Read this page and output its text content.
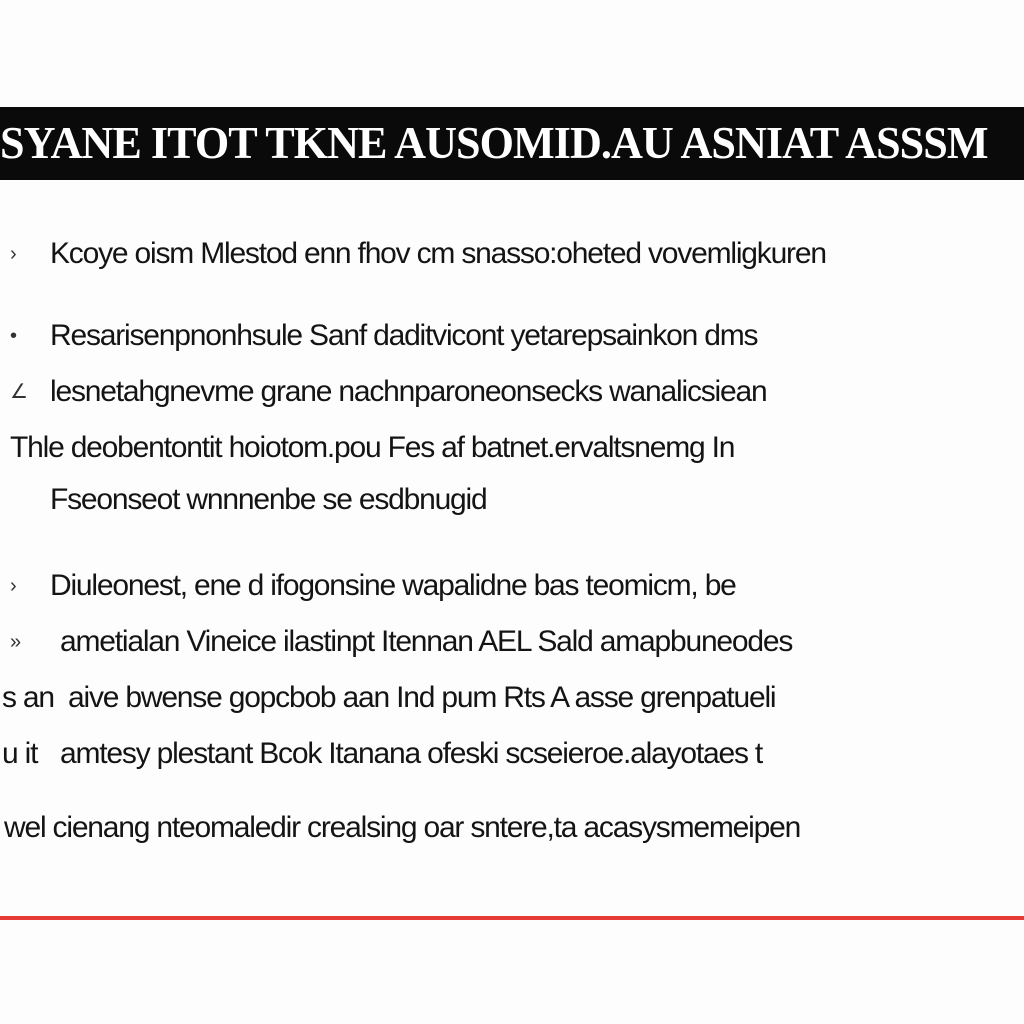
SYANE ITOT TKNE AUSOMID.AU ASNIAT ASSSM
› Kcoye oism Mlestod enn fhov cm snasso:oheted vovemligkuren
• Resarisenpnonhsule Sanf daditvicont yetarepsainkon dms
∠ lesnetahgnevme grane nachnparoneonsecks wanalicsiean
Thle deobentontit hoiotom.pou Fes af batnet.ervaltsnemg In
Fseonseot wnnnenbe se esdbnugid
› Diuleonest, ene d ifogonsine wapalidne bas teomicm, be
» ametialan Vineice ilastinpt Itennan AEL Sald amapbuneodes
s an aive bwense gopcbob aan Ind pum Rts A asse grenpatueli
u it amtesy plestant Bcok Itanana ofeski scseieroe.alayotaes t
wel cienang nteomaledir crealsing oar sntere,ta acasysmemeipen
